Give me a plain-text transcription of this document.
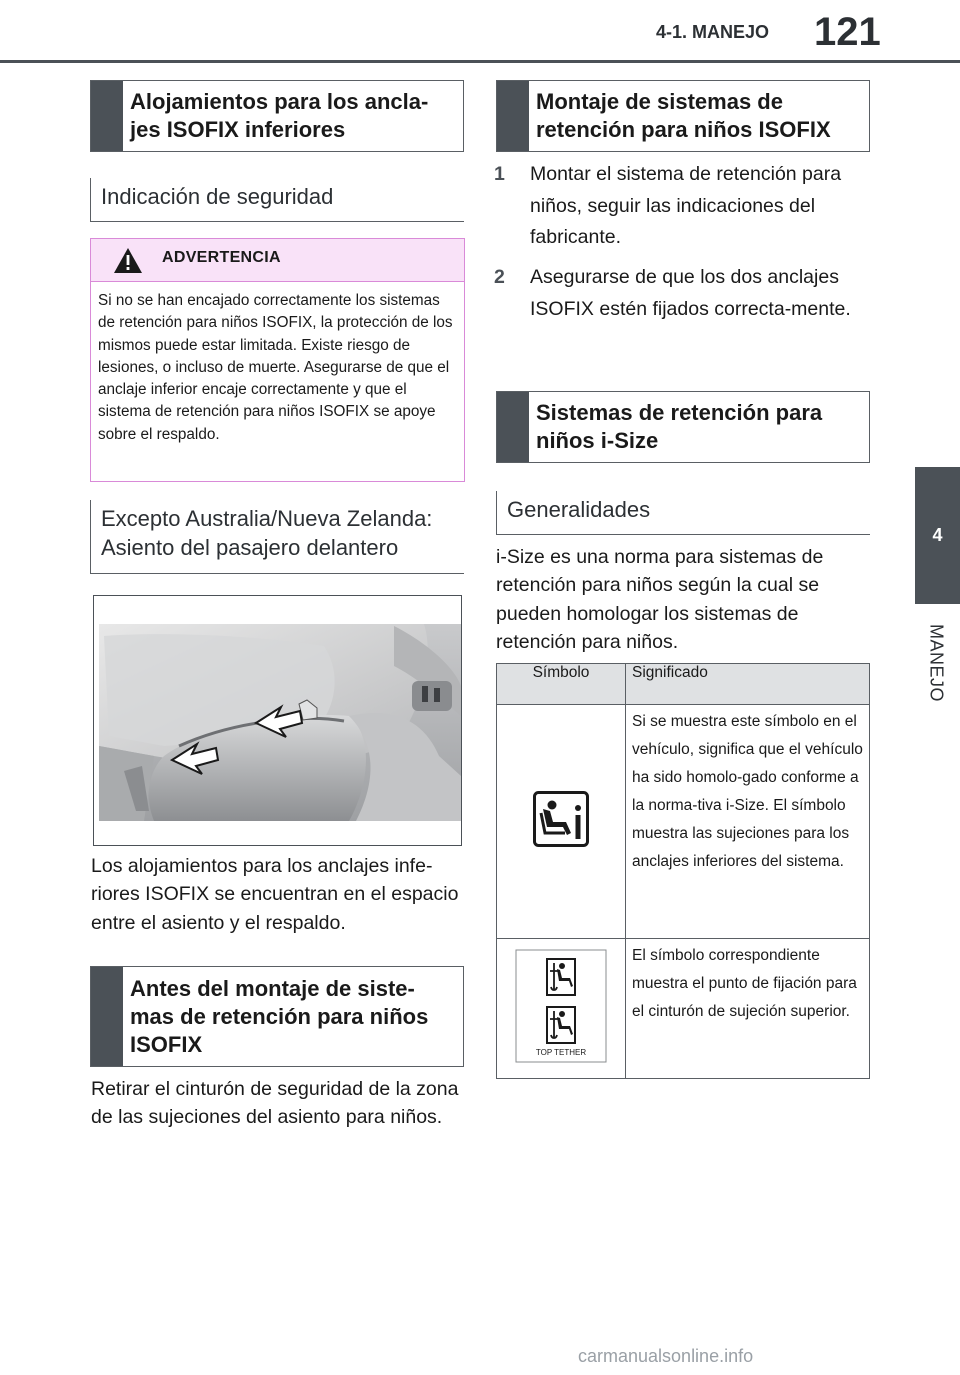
4-1. MANEJO 121
4
MANEJO
Alojamientos para los ancla-jes ISOFIX inferiores
Indicación de seguridad
ADVERTENCIA
Si no se han encajado correctamente los sistemas de retención para niños ISOFIX, la protección de los mismos puede estar limitada. Existe riesgo de lesiones, o incluso de muerte. Asegurarse de que el anclaje inferior encaje correctamente y que el sistema de retención para niños ISOFIX se apoye sobre el respaldo.
Excepto Australia/Nueva Zelanda: Asiento del pasajero delantero
Los alojamientos para los anclajes infe-riores ISOFIX se encuentran en el espacio entre el asiento y el respaldo.
Antes del montaje de siste-mas de retención para niños ISOFIX
Retirar el cinturón de seguridad de la zona de las sujeciones del asiento para niños.
Montaje de sistemas de retención para niños ISOFIX
1 Montar el sistema de retención para niños, seguir las indicaciones del fabricante.
2 Asegurarse de que los dos anclajes ISOFIX estén fijados correcta-mente.
Sistemas de retención para niños i-Size
Generalidades
i-Size es una norma para sistemas de retención para niños según la cual se pueden homologar los sistemas de retención para niños.
Símbolo	Significado
	Si se muestra este símbolo en el vehículo, significa que el vehículo ha sido homolo-gado conforme a la norma-tiva i-Size. El símbolo muestra las sujeciones para los anclajes inferiores del sistema.

TOP TETHER	El símbolo correspondiente muestra el punto de fijación para el cinturón de sujeción superior.
carmanualsonline.info
